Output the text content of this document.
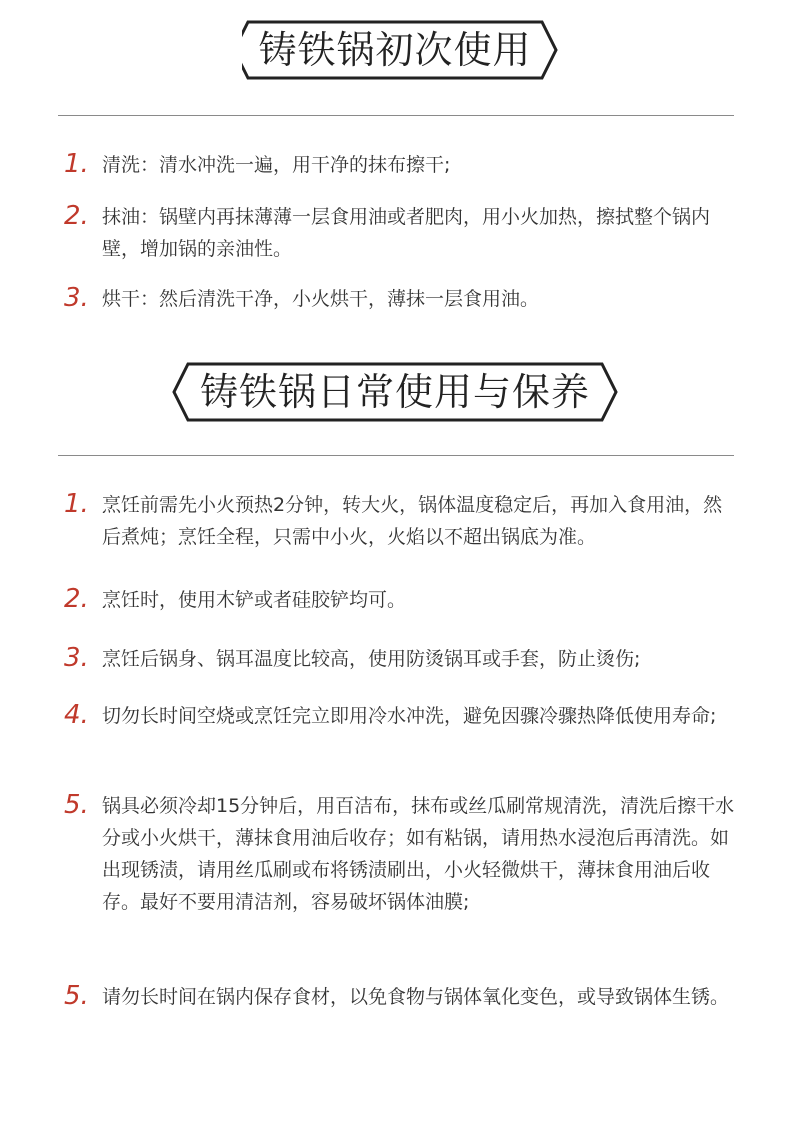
铸铁锅初次使用
1. 清洗：清水冲洗一遍，用干净的抹布擦干;
2. 抹油：锅壁内再抹薄薄一层食用油或者肥肉，用小火加热，擦拭整个锅内壁，增加锅的亲油性。
3. 烘干：然后清洗干净，小火烘干，薄抹一层食用油。
铸铁锅日常使用与保养
1. 烹饪前需先小火预热2分钟，转大火，锅体温度稳定后，再加入食用油，然后煮炖；烹饪全程，只需中小火，火焰以不超出锅底为准。
2. 烹饪时，使用木铲或者硅胶铲均可。
3. 烹饪后锅身、锅耳温度比较高，使用防烫锅耳或手套，防止烫伤;
4. 切勿长时间空烧或烹饪完立即用冷水冲洗，避免因骤冷骤热降低使用寿命;
5. 锅具必须冷却15分钟后，用百洁布，抹布或丝瓜刷常规清洗，清洗后擦干水分或小火烘干，薄抹食用油后收存；如有粘锅，请用热水浸泡后再清洗。如出现锈渍，请用丝瓜刷或布将锈渍刷出，小火轻微烘干，薄抹食用油后收存。最好不要用清洁剂，容易破坏锅体油膜;
5. 请勿长时间在锅内保存食材，以免食物与锅体氧化变色，或导致锅体生锈。
